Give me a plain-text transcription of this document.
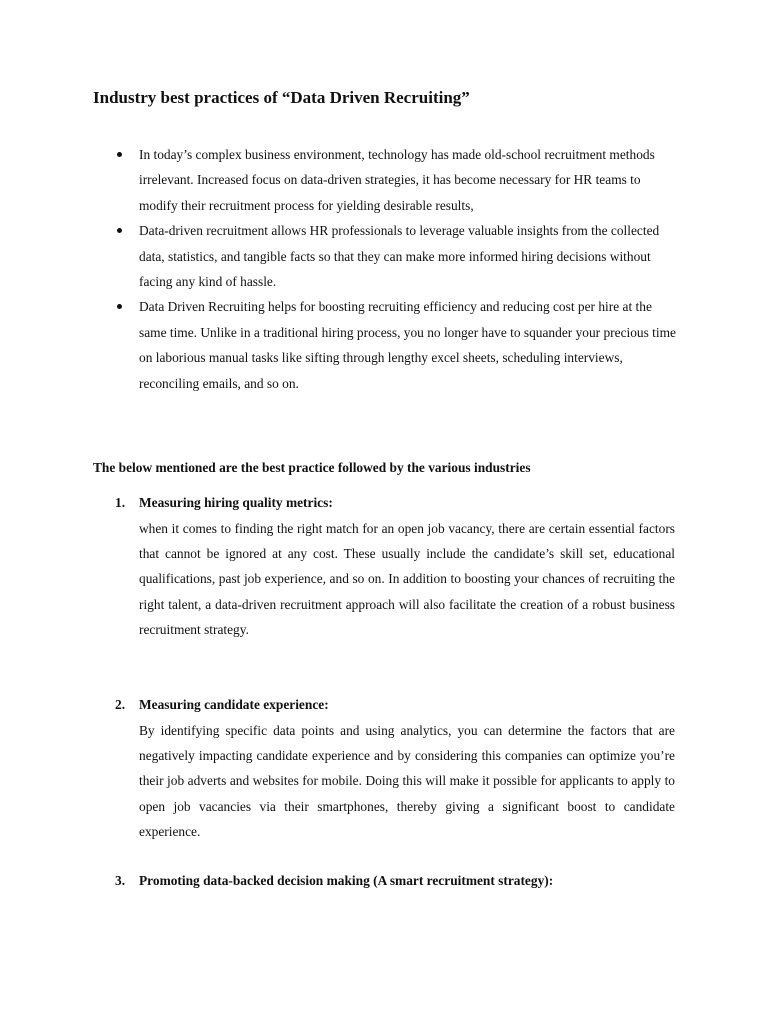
Industry best practices of “Data Driven Recruiting”
In today’s complex business environment, technology has made old-school recruitment methods irrelevant. Increased focus on data-driven strategies, it has become necessary for HR teams to modify their recruitment process for yielding desirable results,
Data-driven recruitment allows HR professionals to leverage valuable insights from the collected data, statistics, and tangible facts so that they can make more informed hiring decisions without facing any kind of hassle.
Data Driven Recruiting helps for boosting recruiting efficiency and reducing cost per hire at the same time. Unlike in a traditional hiring process, you no longer have to squander your precious time on laborious manual tasks like sifting through lengthy excel sheets, scheduling interviews, reconciling emails, and so on.
The below mentioned are the best practice followed by the various industries
1. Measuring hiring quality metrics:

when it comes to finding the right match for an open job vacancy, there are certain essential factors that cannot be ignored at any cost. These usually include the candidate’s skill set, educational qualifications, past job experience, and so on. In addition to boosting your chances of recruiting the right talent, a data-driven recruitment approach will also facilitate the creation of a robust business recruitment strategy.

2. Measuring candidate experience:

By identifying specific data points and using analytics, you can determine the factors that are negatively impacting candidate experience and by considering this companies can optimize you’re their job adverts and websites for mobile. Doing this will make it possible for applicants to apply to open job vacancies via their smartphones, thereby giving a significant boost to candidate experience.

3. Promoting data-backed decision making (A smart recruitment strategy):
